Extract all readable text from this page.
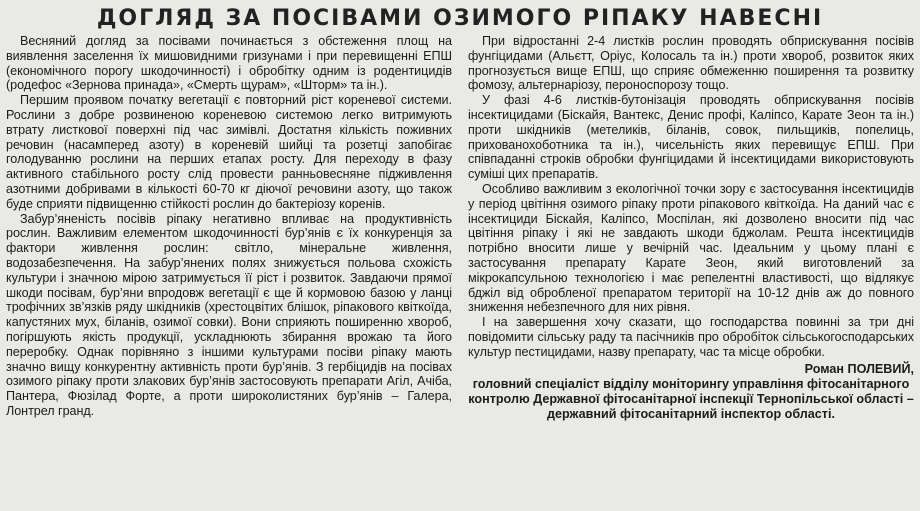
ДОГЛЯД ЗА ПОСІВАМИ ОЗИМОГО РІПАКУ НАВЕСНІ

Весняний догляд за посівами починається з обстеження площ на виявлення заселення їх мишовидними гризунами і при перевищенні ЕПШ (економічного порогу шкодочинності) і обробітку одним із родентицидів (родефос «Зернова принада», «Смерть щурам», «Шторм» та ін.).

Першим проявом початку вегетації є повторний ріст кореневої системи. Рослини з добре розвиненою кореневою системою легко витримують втрату листкової поверхні під час зимівлі. Достатня кількість поживних речовин (насамперед азоту) в кореневій шийці та розетці запобігає голодуванню рослини на перших етапах росту. Для переходу в фазу активного стабільного росту слід провести ранньовесняне підживлення азотними добривами в кількості 60-70 кг діючої речовини азоту, що також буде сприяти підвищенню стійкості рослин до бактеріозу коренів.

Забур’яненість посівів ріпаку негативно впливає на продуктивність рослин. Важливим елементом шкодочинності бур’янів є їх конкуренція за фактори живлення рослин: світло, мінеральне живлення, водозабезпечення. На забур’янених полях знижується польова схожість культури і значною мірою затримується її ріст і розвиток. Завдаючи прямої шкоди посівам, бур’яни впродовж вегетації є ще й кормовою базою у ланці трофічних зв’язків ряду шкідників (хрестоцвітих блішок, ріпакового квіткоїда, капустяних мух, біланів, озимої совки). Вони сприяють поширенню хвороб, погіршують якість продукції, ускладнюють збирання врожаю та його переробку. Однак порівняно з іншими культурами посіви ріпаку мають значно вищу конкурентну активність проти бур’янів. З гербіцидів на посівах озимого ріпаку проти злакових бур’янів застосовують препарати Агіл, Ачіба, Пантера, Фюзілад Форте, а проти широколистяних бур’янів – Галера, Лонтрел гранд.

При відростанні 2-4 листків рослин проводять обприскування посівів фунгіцидами (Альєтт, Оріус, Колосаль та ін.) проти хвороб, розвиток яких прогнозується вище ЕПШ, що сприяє обмеженню поширення та розвитку фомозу, альтернаріозу, пероноспорозу тощо.

У фазі 4-6 листків-бутонізація проводять обприскування посівів інсектицидами (Біскайя, Вантекс, Денис профі, Каліпсо, Карате Зеон та ін.) проти шкідників (метеликів, біланів, совок, пильщиків, попелиць, прихованохоботника та ін.), чисельність яких перевищує ЕПШ. При співпаданні строків обробки фунгіцидами й інсектицидами використовують суміші цих препаратів.

Особливо важливим з екологічної точки зору є застосування інсектицидів у період цвітіння озимого ріпаку проти ріпакового квіткоїда. На даний час є інсектициди Біскайя, Каліпсо, Моспілан, які дозволено вносити під час цвітіння ріпаку і які не завдають шкоди бджолам. Решта інсектицидів потрібно вносити лише у вечірній час. Ідеальним у цьому плані є застосування препарату Карате Зеон, який виготовлений за мікрокапсульною технологією і має репелентні властивості, що відлякує бджіл від обробленої препаратом території на 10-12 днів аж до повного зниження небезпечного для них рівня.

І на завершення хочу сказати, що господарства повинні за три дні повідомити сільську раду та пасічників про обробіток сільськогосподарських культур пестицидами, назву препарату, час та місце обробки.

Роман ПОЛЕВИЙ,
головний спеціаліст відділу моніторингу управління фітосанітарного контролю Державної фітосанітарної інспекції Тернопільської області – державний фітосанітарний інспектор області.
